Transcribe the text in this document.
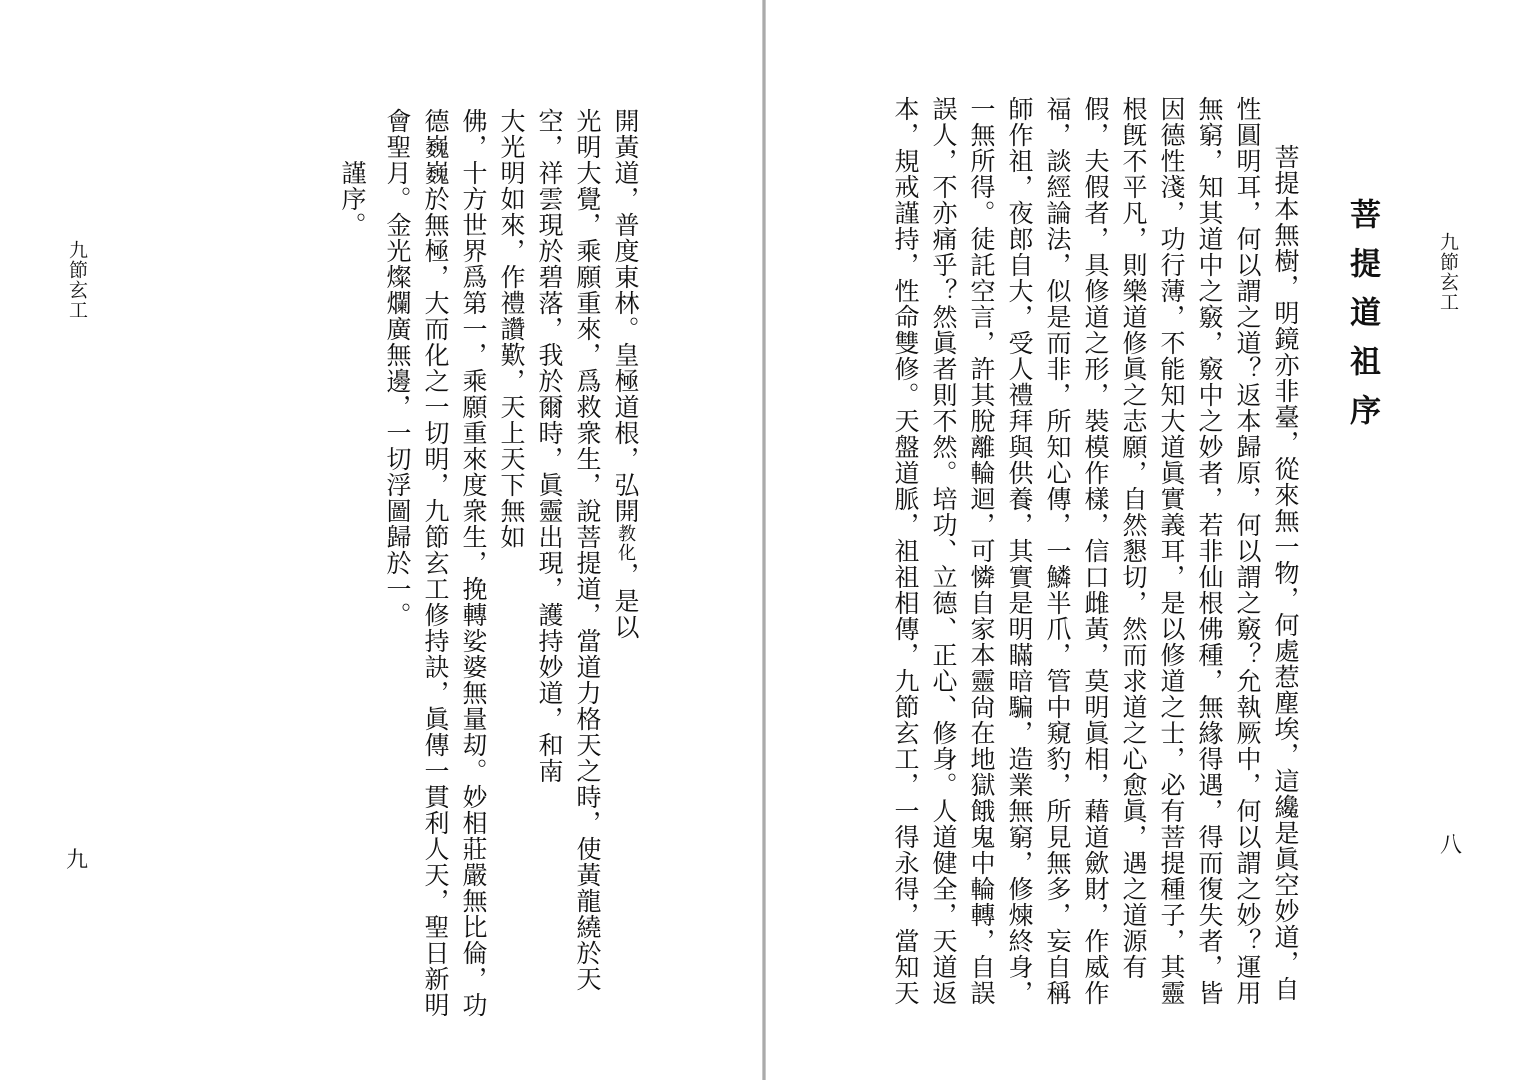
九節玄工
九
開黃道，普度東林。皇極道根，弘開教化，是以
光明大覺，乘願重來，爲救衆生，說菩提道，當道力格天之時，使黃龍繞於天
空，祥雲現於碧落，我於爾時，眞靈出現，護持妙道，和南
大光明如來，作禮讚歎，天上天下無如
佛，十方世界爲第一，乘願重來度衆生，挽轉娑婆無量刧。妙相莊嚴無比倫，功
德巍巍於無極，大而化之一切明，九節玄工修持訣，眞傳一貫利人天，聖日新明
會聖月。金光燦爛廣無邊，一切浮圖歸於一。
謹序。
九節玄工
八
菩提道祖序
菩提本無樹，明鏡亦非臺，從來無一物，何處惹塵埃，這纔是眞空妙道，自
性圓明耳，何以謂之道？返本歸原，何以謂之竅？允執厥中，何以謂之妙？運用
無窮，知其道中之竅，竅中之妙者，若非仙根佛種，無緣得遇，得而復失者，皆
因德性淺，功行薄，不能知大道眞實義耳，是以修道之士，必有菩提種子，其靈
根旣不平凡，則樂道修眞之志願，自然懇切，然而求道之心愈眞，遇之道源有
假，夫假者，具修道之形，裝模作樣，信口雌黃，莫明眞相，藉道歛財，作威作
福，談經論法，似是而非，所知心傳，一鱗半爪，管中窺豹，所見無多，妄自稱
師作祖，夜郎自大，受人禮拜與供養，其實是明瞞暗騙，造業無窮，修煉終身，
一無所得。徒託空言，許其脫離輪迴，可憐自家本靈尙在地獄餓鬼中輪轉，自誤
誤人，不亦痛乎？然眞者則不然。培功、立德、正心、修身。人道健全，天道返
本，規戒謹持，性命雙修。天盤道脈，祖祖相傳，九節玄工，一得永得，當知天
